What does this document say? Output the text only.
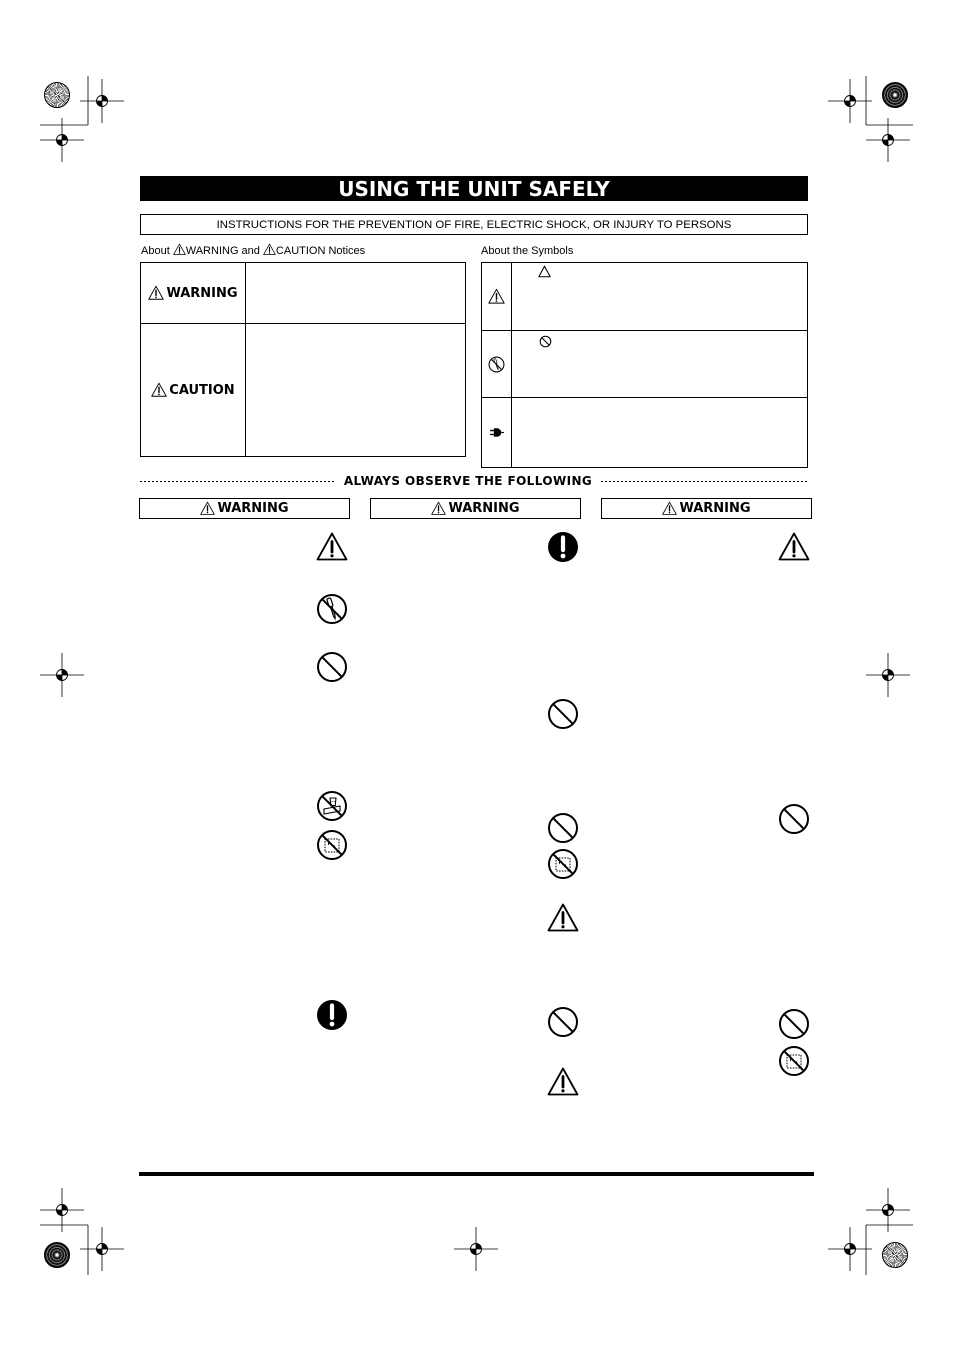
USING THE UNIT SAFELY
INSTRUCTIONS FOR THE PREVENTION OF FIRE, ELECTRIC SHOCK, OR INJURY TO PERSONS
About WARNING and CAUTION Notices	About the Symbols
WARNING
CAUTION
ALWAYS OBSERVE THE FOLLOWING
WARNING	WARNING	WARNING
